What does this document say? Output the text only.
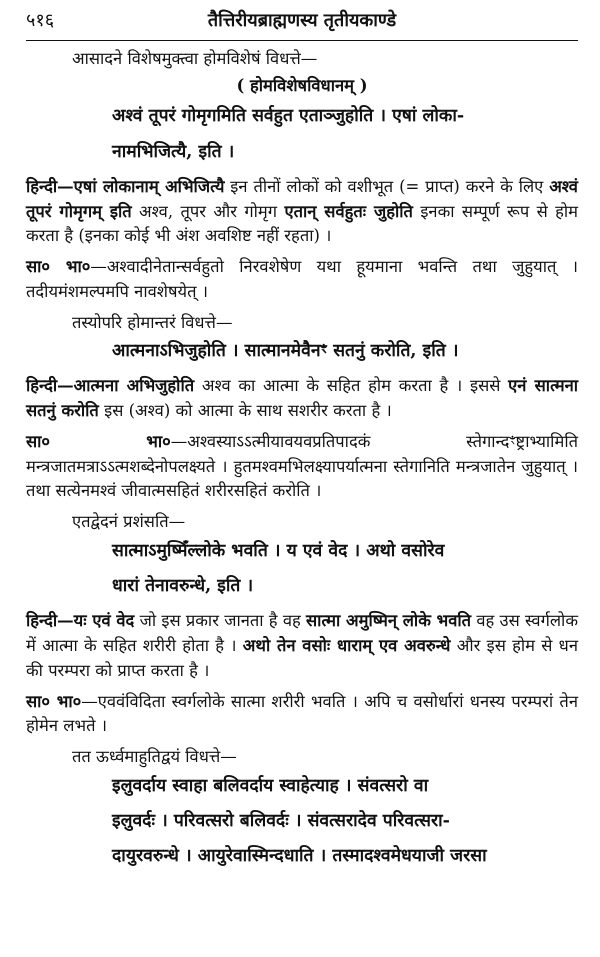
५१६	तैत्तिरीयब्राह्मणस्य तृतीयकाण्डे

आसादने विशेषमुक्त्वा होमविशेषं विधत्ते—

( होमविशेषविधानम् )

अश्वं तूपरं गोमृगमिति सर्वहुत एताञ्जुहोति । एषां लोका-

नामभिजित्यै, इति ।

हिन्दी—एषां लोकानाम् अभिजित्यै इन तीनों लोकों को वशीभूत (= प्राप्त) करने के लिए अश्वं तूपरं गोमृगम् इति अश्व, तूपर और गोमृग एतान् सर्वहुतः जुहोति इनका सम्पूर्ण रूप से होम करता है (इनका कोई भी अंश अवशिष्ट नहीं रहता) ।

सा० भा०—अश्वादीनेतान्सर्वहुतो निरवशेषेण यथा हूयमाना भवन्ति तथा जुहुयात् । तदीयमंशमल्पमपि नावशेषयेत् ।

तस्योपरि होमान्तरं विधत्ते—

आत्मनाऽभिजुहोति । सात्मानमेवैनꣳ सतनुं करोति, इति ।

हिन्दी—आत्मना अभिजुहोति अश्व का आत्मा के सहित होम करता है । इससे एनं सात्मना सतनुं करोति इस (अश्व) को आत्मा के साथ सशरीर करता है ।

सा० भा०—अश्वस्याऽऽत्मीयावयवप्रतिपादकं स्तेगान्दꣳष्ट्राभ्यामिति मन्त्रजातमत्राऽऽत्मशब्देनोपलक्ष्यते । हुतमश्वमभिलक्ष्यापर्यात्मना स्तेगानिति मन्त्रजातेन जुहुयात् । तथा सत्येनमश्वं जीवात्मसहितं शरीरसहितं करोति ।

एतद्वेदनं प्रशंसति—

सात्माऽमुष्मिँल्लोके भवति । य एवं वेद । अथो वसोरेव

धारां तेनावरुन्धे, इति ।

हिन्दी—यः एवं वेद जो इस प्रकार जानता है वह सात्मा अमुष्मिन् लोके भवति वह उस स्वर्गलोक में आत्मा के सहित शरीरी होता है । अथो तेन वसोः धाराम् एव अवरुन्धे और इस होम से धन की परम्परा को प्राप्त करता है ।

सा० भा०—एववंविदिता स्वर्गलोके सात्मा शरीरी भवति । अपि च वसोर्धारां धनस्य परम्परां तेन होमेन लभते ।

तत ऊर्ध्वमाहुतिद्वयं विधत्ते—

इलुवर्दाय स्वाहा बलिवर्दाय स्वाहेत्याह । संवत्सरो वा

इलुवर्दः । परिवत्सरो बलिवर्दः । संवत्सरादेव परिवत्सरा-

दायुरवरुन्धे । आयुरेवास्मिन्दधाति । तस्मादश्वमेधयाजी जरसा
